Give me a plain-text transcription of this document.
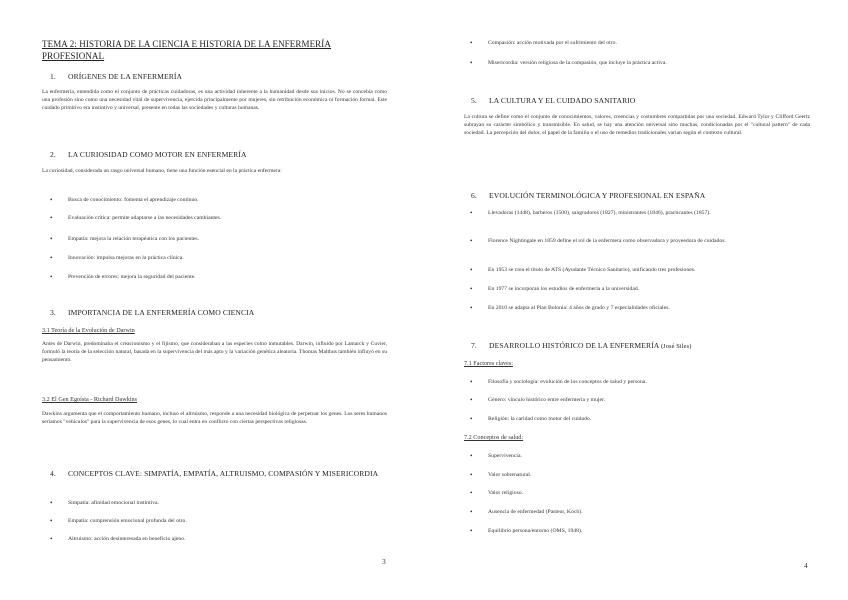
TEMA 2: HISTORIA DE LA CIENCIA E HISTORIA DE LA ENFERMERÍA PROFESIONAL
1. ORÍGENES DE LA ENFERMERÍA
La enfermería, entendida como el conjunto de prácticas cuidadoras, es una actividad inherente a la humanidad desde sus inicios. No se concebía como una profesión sino como una necesidad vital de supervivencia, ejercida principalmente por mujeres, sin retribución económica ni formación formal. Este cuidado primitivo era instintivo y universal, presente en todas las sociedades y culturas humanas.
2. LA CURIOSIDAD COMO MOTOR EN ENFERMERÍA
La curiosidad, considerada un rasgo universal humano, tiene una función esencial en la práctica enfermera:
•	Busca de conocimiento: fomenta el aprendizaje continuo.
•	Evaluación crítica: permite adaptarse a las necesidades cambiantes.
•	Empatía: mejora la relación terapéutica con los pacientes.
•	Innovación: impulsa mejoras en la práctica clínica.
•	Prevención de errores: mejora la seguridad del paciente.
3. IMPORTANCIA DE LA ENFERMERÍA COMO CIENCIA
3.1 Teoría de la Evolución de Darwin
Antes de Darwin, predominaba el creacionismo y el fijismo, que consideraban a las especies como inmutables. Darwin, influido por Lamarck y Cuvier, formuló la teoría de la selección natural, basada en la supervivencia del más apto y la variación genética aleatoria. Thomas Malthus también influyó en su pensamiento.
3.2 El Gen Egoísta - Richard Dawkins
Dawkins argumenta que el comportamiento humano, incluso el altruismo, responde a una necesidad biológica de perpetuar los genes. Los seres humanos seríamos "vehículos" para la supervivencia de esos genes, lo cual entra en conflicto con ciertas perspectivas religiosas.
4.	CONCEPTOS CLAVE: SIMPATÍA, EMPATÍA, ALTRUISMO, COMPASIÓN Y MISERICORDIA
•	Simpatía: afinidad emocional instintiva.
•	Empatía: comprensión emocional profunda del otro.
•	Altruismo: acción desinteresada en beneficio ajeno.
3
•	Compasión: acción motivada por el sufrimiento del otro.
•	Misericordia: versión religiosa de la compasión, que incluye la práctica activa.
5. LA CULTURA Y EL CUIDADO SANITARIO
La cultura se define como el conjunto de conocimientos, valores, creencias y costumbres compartidas por una sociedad. Edward Tylor y Clifford Geertz subrayan su carácter simbólico y transmisible. En salud, se hay una atención universal sino muchas, condicionadas por el "cultural pattern" de cada sociedad. La percepción del dolor, el papel de la familia o el uso de remedios tradicionales varían según el contexto cultural.
6. EVOLUCIÓN TERMINOLÓGICA Y PROFESIONAL EN ESPAÑA
•	Llevadoras (1448), barberos (1500), sangradores (1827), ministrantes (1846), practicantes (1857).
•	Florence Nightingale en 1859 define el rol de la enfermera como observadora y proveedora de cuidados.
•	En 1953 se crea el título de ATS (Ayudante Técnico Sanitario), unificando tres profesiones.
•	En 1977 se incorporan los estudios de enfermería a la universidad.
•	En 2010 se adapta al Plan Bolonia: 4 años de grado y 7 especialidades oficiales.
7. DESARROLLO HISTÓRICO DE LA ENFERMERÍA (José Siles)
7.1 Factores claves:
•	Filosofía y sociología: evolución de los conceptos de salud y persona.
•	Género: vínculo histórico entre enfermería y mujer.
•	Religión: la caridad como motor del cuidado.
7.2 Conceptos de salud:
•	Supervivencia.
•	Valor sobrenatural.
•	Valor religioso.
•	Ausencia de enfermedad (Pasteur, Koch).
•	Equilibrio persona/entorno (OMS, 1948).
4
